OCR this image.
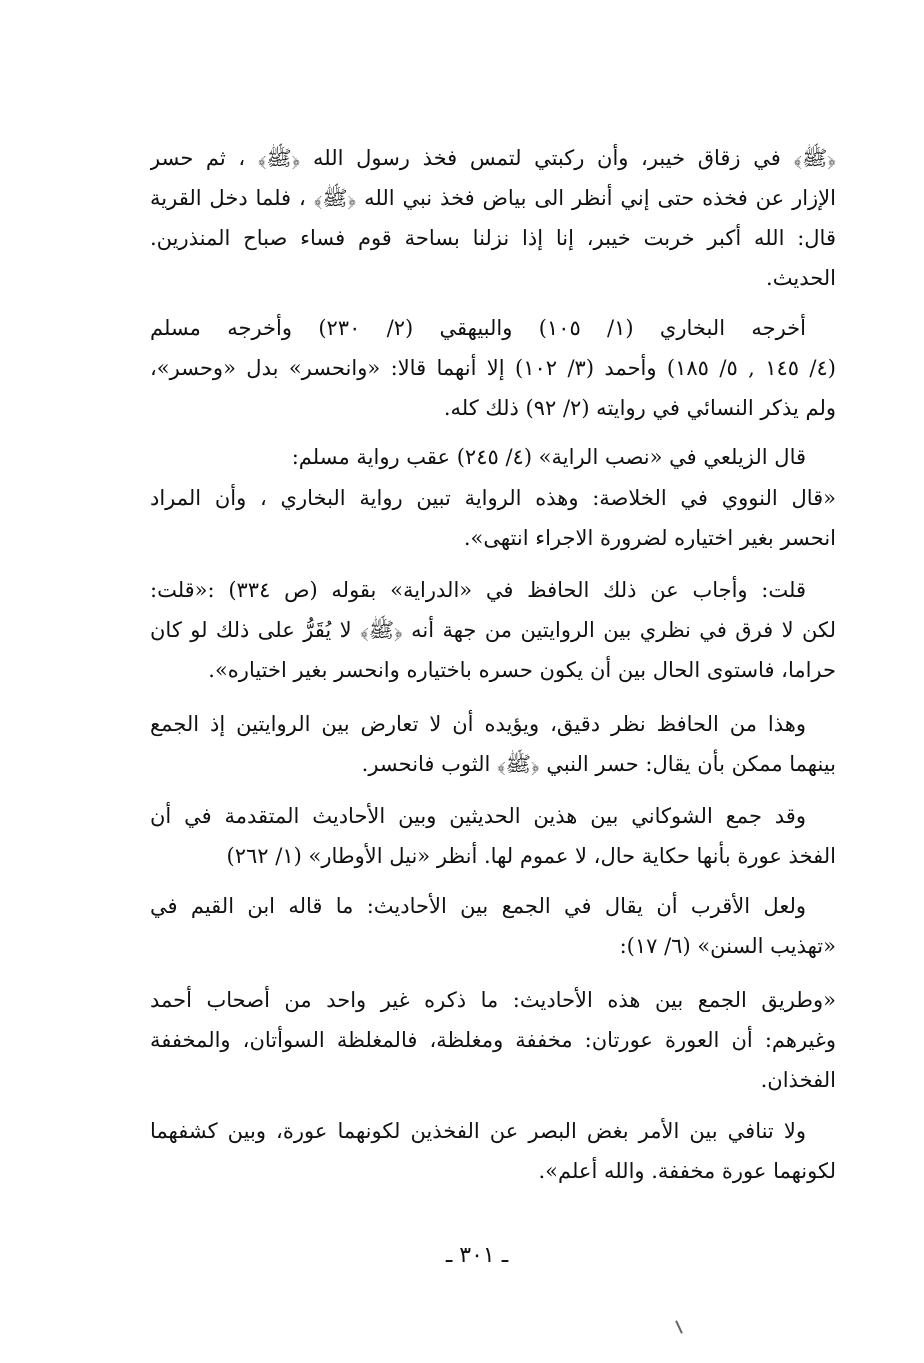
﴿ﷺ﴾ في زقاق خيبر، وأن ركبتي لتمس فخذ رسول الله ﴿ﷺ﴾ ، ثم حسر
الإزار عن فخذه حتى إني أنظر الى بياض فخذ نبي الله ﴿ﷺ﴾ ، فلما دخل القرية
قال: الله أكبر خربت خيبر، إنا إذا نزلنا بساحة قوم فساء صباح المنذرين.
الحديث.
أخرجه البخاري (١/ ١٠٥) والبيهقي (٢/ ٢٣٠) وأخرجه مسلم
(٤/ ١٤٥ , ٥/ ١٨٥) وأحمد (٣/ ١٠٢) إلا أنهما قالا: «وانحسر» بدل «وحسر»،
ولم يذكر النسائي في روايته (٢/ ٩٢) ذلك كله.
قال الزيلعي في «نصب الراية» (٤/ ٢٤٥) عقب رواية مسلم:
«قال النووي في الخلاصة: وهذه الرواية تبين رواية البخاري ، وأن المراد
انحسر بغير اختياره لضرورة الاجراء انتهى».
قلت: وأجاب عن ذلك الحافظ في «الدراية» بقوله (ص ٣٣٤) :«قلت:
لكن لا فرق في نظري بين الروايتين من جهة أنه ﴿ﷺ﴾ لا يُقَرُّ على ذلك لو كان
حراما، فاستوى الحال بين أن يكون حسره باختياره وانحسر بغير اختياره».
وهذا من الحافظ نظر دقيق، ويؤيده أن لا تعارض بين الروايتين إذ الجمع
بينهما ممكن بأن يقال: حسر النبي ﴿ﷺ﴾ الثوب فانحسر.
وقد جمع الشوكاني بين هذين الحديثين وبين الأحاديث المتقدمة في أن
الفخذ عورة بأنها حكاية حال، لا عموم لها. أنظر «نيل الأوطار» (١/ ٢٦٢)
ولعل الأقرب أن يقال في الجمع بين الأحاديث: ما قاله ابن القيم في
«تهذيب السنن» (٦/ ١٧):
«وطريق الجمع بين هذه الأحاديث: ما ذكره غير واحد من أصحاب أحمد
وغيرهم: أن العورة عورتان: مخففة ومغلظة، فالمغلظة السوأتان، والمخففة
الفخذان.
ولا تنافي بين الأمر بغض البصر عن الفخذين لكونهما عورة، وبين كشفهما
لكونهما عورة مخففة. والله أعلم».
ـ ٣٠١ ـ
